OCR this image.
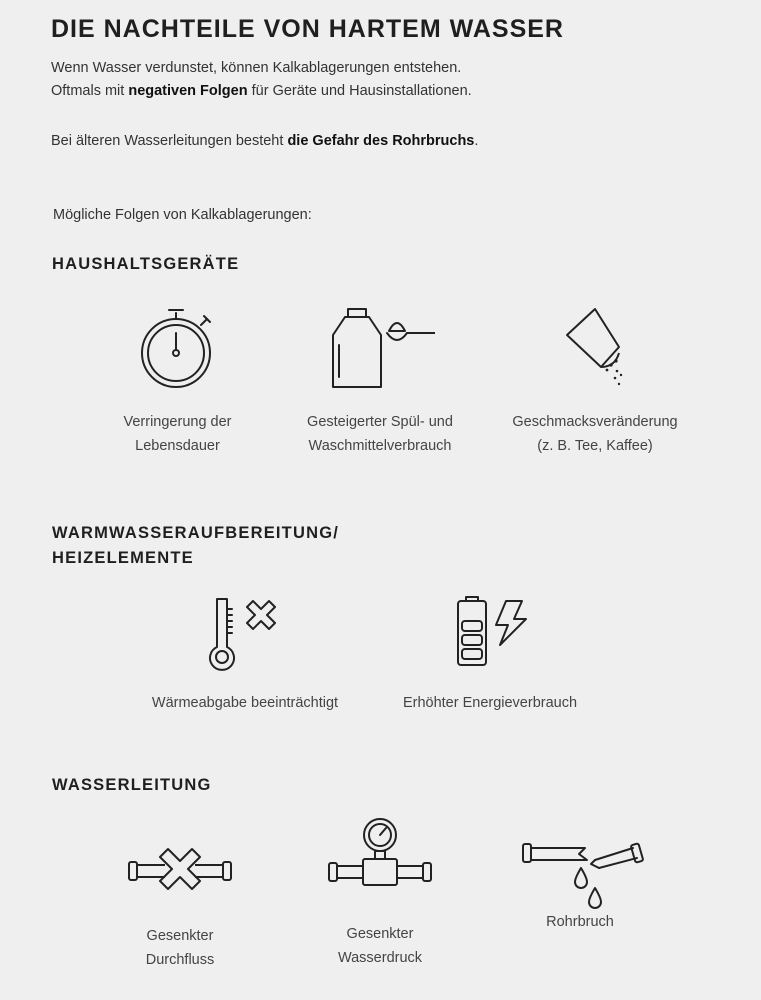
DIE NACHTEILE VON HARTEM WASSER

Wenn Wasser verdunstet, können Kalkablagerungen entstehen.

Oftmals mit negativen Folgen für Geräte und Hausinstallationen.

Bei älteren Wasserleitungen besteht die Gefahr des Rohrbruchs.

Mögliche Folgen von Kalkablagerungen:

HAUSHALTSGERÄTE
Verringerung der
Lebensdauer
Gesteigerter Spül- und
Waschmittelverbrauch
Geschmacksveränderung
(z. B. Tee, Kaffee)
WARMWASSERAUFBEREITUNG/
HEIZELEMENTE
Wärmeabgabe beeinträchtigt	Erhöhter Energieverbrauch
WASSERLEITUNG
Gesenkter
Durchfluss
Gesenkter
Wasserdruck
Rohrbruch
